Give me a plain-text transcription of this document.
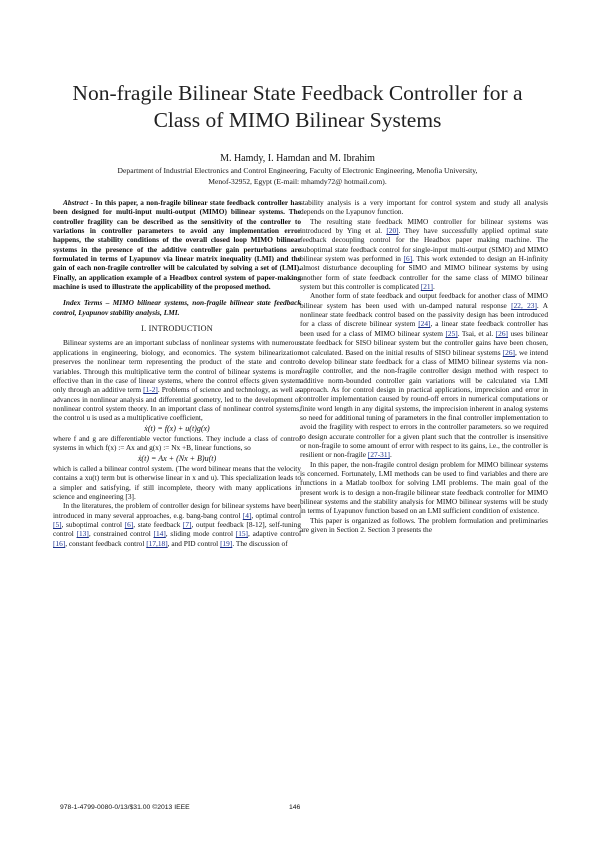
Non-fragile Bilinear State Feedback Controller for a
Class of MIMO Bilinear Systems
M. Hamdy, I. Hamdan and M. Ibrahim
Department of Industrial Electronics and Control Engineering, Faculty of Electronic Engineering, Menofia University,
Menof-32952, Egypt (E-mail: mhamdy72@ hotmail.com).

Abstract - In this paper, a non-fragile bilinear state feedback controller has been designed for multi-input multi-output (MIMO) bilinear systems. The controller fragility can be described as the sensitivity of the controller to variations in controller parameters to avoid any implementation error happens, the stability conditions of the overall closed loop MIMO bilinear systems in the presence of the additive controller gain perturbations are formulated in terms of Lyapunov via linear matrix inequality (LMI) and the gain of each non-fragile controller will be calculated by solving a set of (LMI). Finally, an application example of a Headbox control system of paper-making machine is used to illustrate the applicability of the proposed method.

Index Terms – MIMO bilinear systems, non-fragile bilinear state feedback control, Lyapunov stability analysis, LMI.

I. INTRODUCTION

Bilinear systems are an important subclass of nonlinear systems with numerous applications in engineering, biology, and economics. The system bilinearization preserves the nonlinear term representing the product of the state and control variables. Through this multiplicative term the control of bilinear systems is more effective than in the case of linear systems, where the control effects given system only through an additive term [1-2]. Problems of science and technology, as well as advances in nonlinear analysis and differential geometry, led to the development of nonlinear control system theory. In an important class of nonlinear control systems, the control u is used as a multiplicative coefficient,

ẋ(t) = f(x) + u(t)g(x)

where f and g are differentiable vector functions. They include a class of control systems in which f(x) := Ax and g(x) := Nx +B, linear functions, so

ẋ(t) = Ax + (Nx + B)u(t)

which is called a bilinear control system. (The word bilinear means that the velocity contains a xu(t) term but is otherwise linear in x and u). This specialization leads to a simpler and satisfying, if still incomplete, theory with many applications in science and engineering [3].

In the literatures, the problem of controller design for bilinear systems have been introduced in many several approaches, e.g. bang-bang control [4], optimal control [5], suboptimal control [6], state feedback [7], output feedback [8-12], self-tuning control [13], constrained control [14], sliding mode control [15], adaptive control [16], constant feedback control [17,18], and PID control [19]. The discussion of

stability analysis is a very important for control system and study all analysis depends on the Lyapunov function.

The resulting state feedback MIMO controller for bilinear systems was introduced by Ying et al. [20]. They have successfully applied optimal state feedback decoupling control for the Headbox paper making machine. The suboptimal state feedback control for single-input multi-output (SIMO) and MIMO bilinear system was performed in [6]. This work extended to design an H-infinity almost disturbance decoupling for SIMO and MIMO bilinear systems by using another form of state feedback controller for the same class of MIMO bilinear system but this controller is complicated [21].

Another form of state feedback and output feedback for another class of MIMO bilinear system has been used with un-damped natural response [22, 23]. A nonlinear state feedback control based on the passivity design has been introduced for a class of discrete bilinear system [24], a linear state feedback controller has been used for a class of MIMO bilinear system [25]. Tsai, et al. [26] uses bilinear state feedback for SISO bilinear system but the controller gains have been chosen, not calculated. Based on the initial results of SISO bilinear systems [26], we intend to develop bilinear state feedback for a class of MIMO bilinear systems via non-fragile controller, and the non-fragile controller design method with respect to additive norm-bounded controller gain variations will be calculated via LMI approach. As for control design in practical applications, imprecision and error in controller implementation caused by round-off errors in numerical computations or finite word length in any digital systems, the imprecision inherent in analog systems so need for additional tuning of parameters in the final controller implementation to avoid the fragility with respect to errors in the controller parameters. so we required to design accurate controller for a given plant such that the controller is insensitive or non-fragile to some amount of error with respect to its gains, i.e., the controller is resilient or non-fragile [27-31].

In this paper, the non-fragile control design problem for MIMO bilinear systems is concerned. Fortunately, LMI methods can be used to find variables and there are functions in a Matlab toolbox for solving LMI problems. The main goal of the present work is to design a non-fragile bilinear state feedback controller for MIMO bilinear systems and the stability analysis for MIMO bilinear systems will be study in terms of Lyapunov function based on an LMI sufficient condition of existence.

This paper is organized as follows. The problem formulation and preliminaries are given in Section 2. Section 3 presents the

978-1-4799-0080-0/13/$31.00 ©2013 IEEE	146
